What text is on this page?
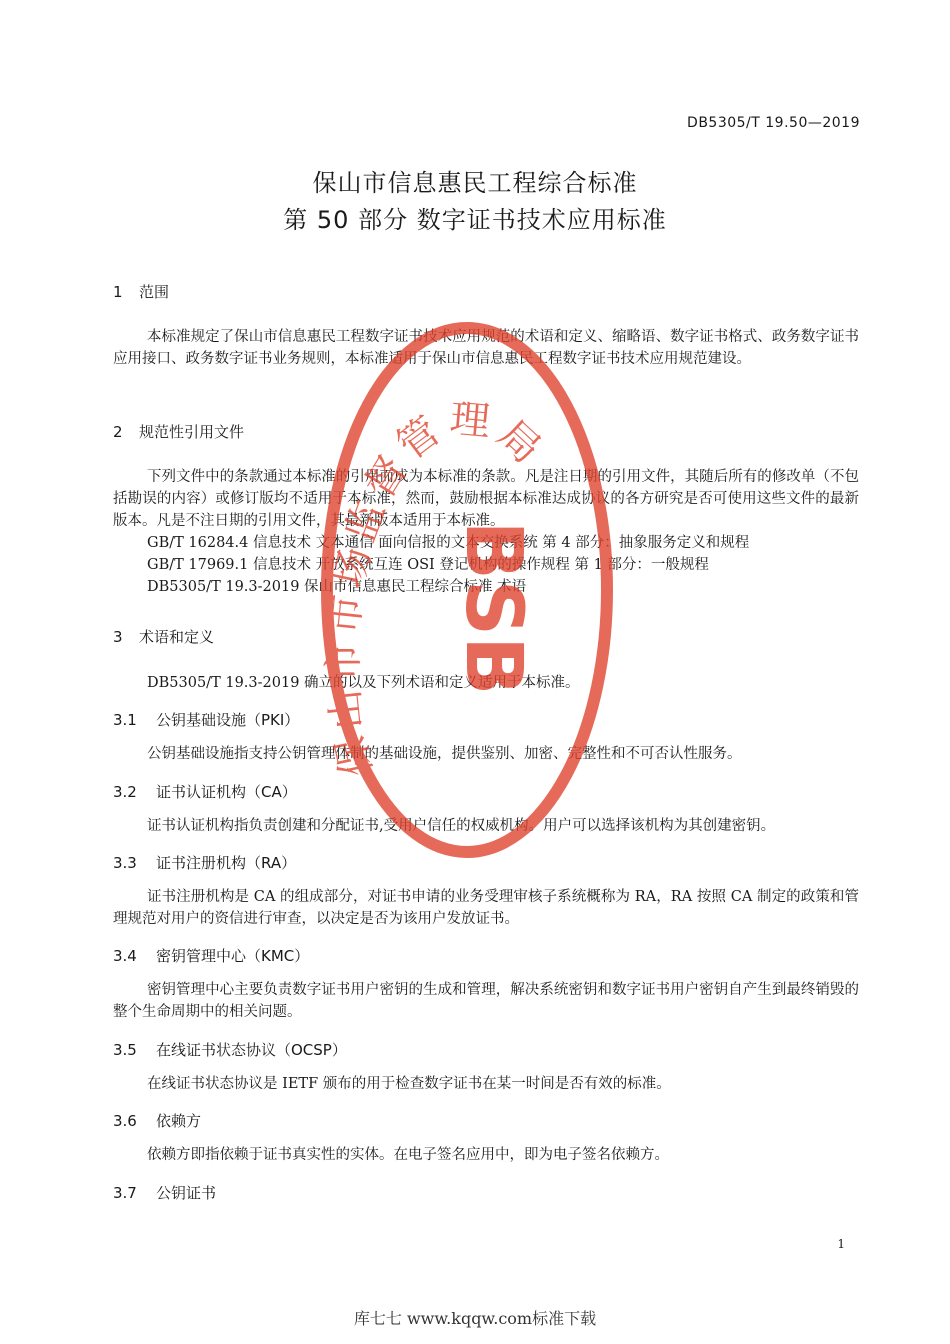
DB5305/T 19.50—2019
保山市信息惠民工程综合标准
第 50 部分 数字证书技术应用标准
1 范围
本标准规定了保山市信息惠民工程数字证书技术应用规范的术语和定义、缩略语、数字证书格式、政务数字证书应用接口、政务数字证书业务规则，本标准适用于保山市信息惠民工程数字证书技术应用规范建设。
2 规范性引用文件
下列文件中的条款通过本标准的引用而成为本标准的条款。凡是注日期的引用文件，其随后所有的修改单（不包括勘误的内容）或修订版均不适用于本标准，然而，鼓励根据本标准达成协议的各方研究是否可使用这些文件的最新版本。凡是不注日期的引用文件，其最新版本适用于本标准。
GB/T 16284.4 信息技术 文本通信 面向信报的文本交换系统 第 4 部分：抽象服务定义和规程
GB/T 17969.1 信息技术 开放系统互连 OSI 登记机构的操作规程 第 1 部分：一般规程
DB5305/T 19.3-2019 保山市信息惠民工程综合标准 术语
3 术语和定义
DB5305/T 19.3-2019 确立的以及下列术语和定义适用于本标准。
3.1 公钥基础设施（PKI）
公钥基础设施指支持公钥管理体制的基础设施，提供鉴别、加密、完整性和不可否认性服务。
3.2 证书认证机构（CA）
证书认证机构指负责创建和分配证书,受用户信任的权威机构。用户可以选择该机构为其创建密钥。
3.3 证书注册机构（RA）
证书注册机构是 CA 的组成部分，对证书申请的业务受理审核子系统概称为 RA，RA 按照 CA 制定的政策和管理规范对用户的资信进行审查，以决定是否为该用户发放证书。
3.4 密钥管理中心（KMC）
密钥管理中心主要负责数字证书用户密钥的生成和管理，解决系统密钥和数字证书用户密钥自产生到最终销毁的整个生命周期中的相关问题。
3.5 在线证书状态协议（OCSP）
在线证书状态协议是 IETF 颁布的用于检查数字证书在某一时间是否有效的标准。
3.6 依赖方
依赖方即指依赖于证书真实性的实体。在电子签名应用中，即为电子签名依赖方。
3.7 公钥证书
保山市市场监督管理局
BSB
1
库七七 www.kqqw.com标准下载
